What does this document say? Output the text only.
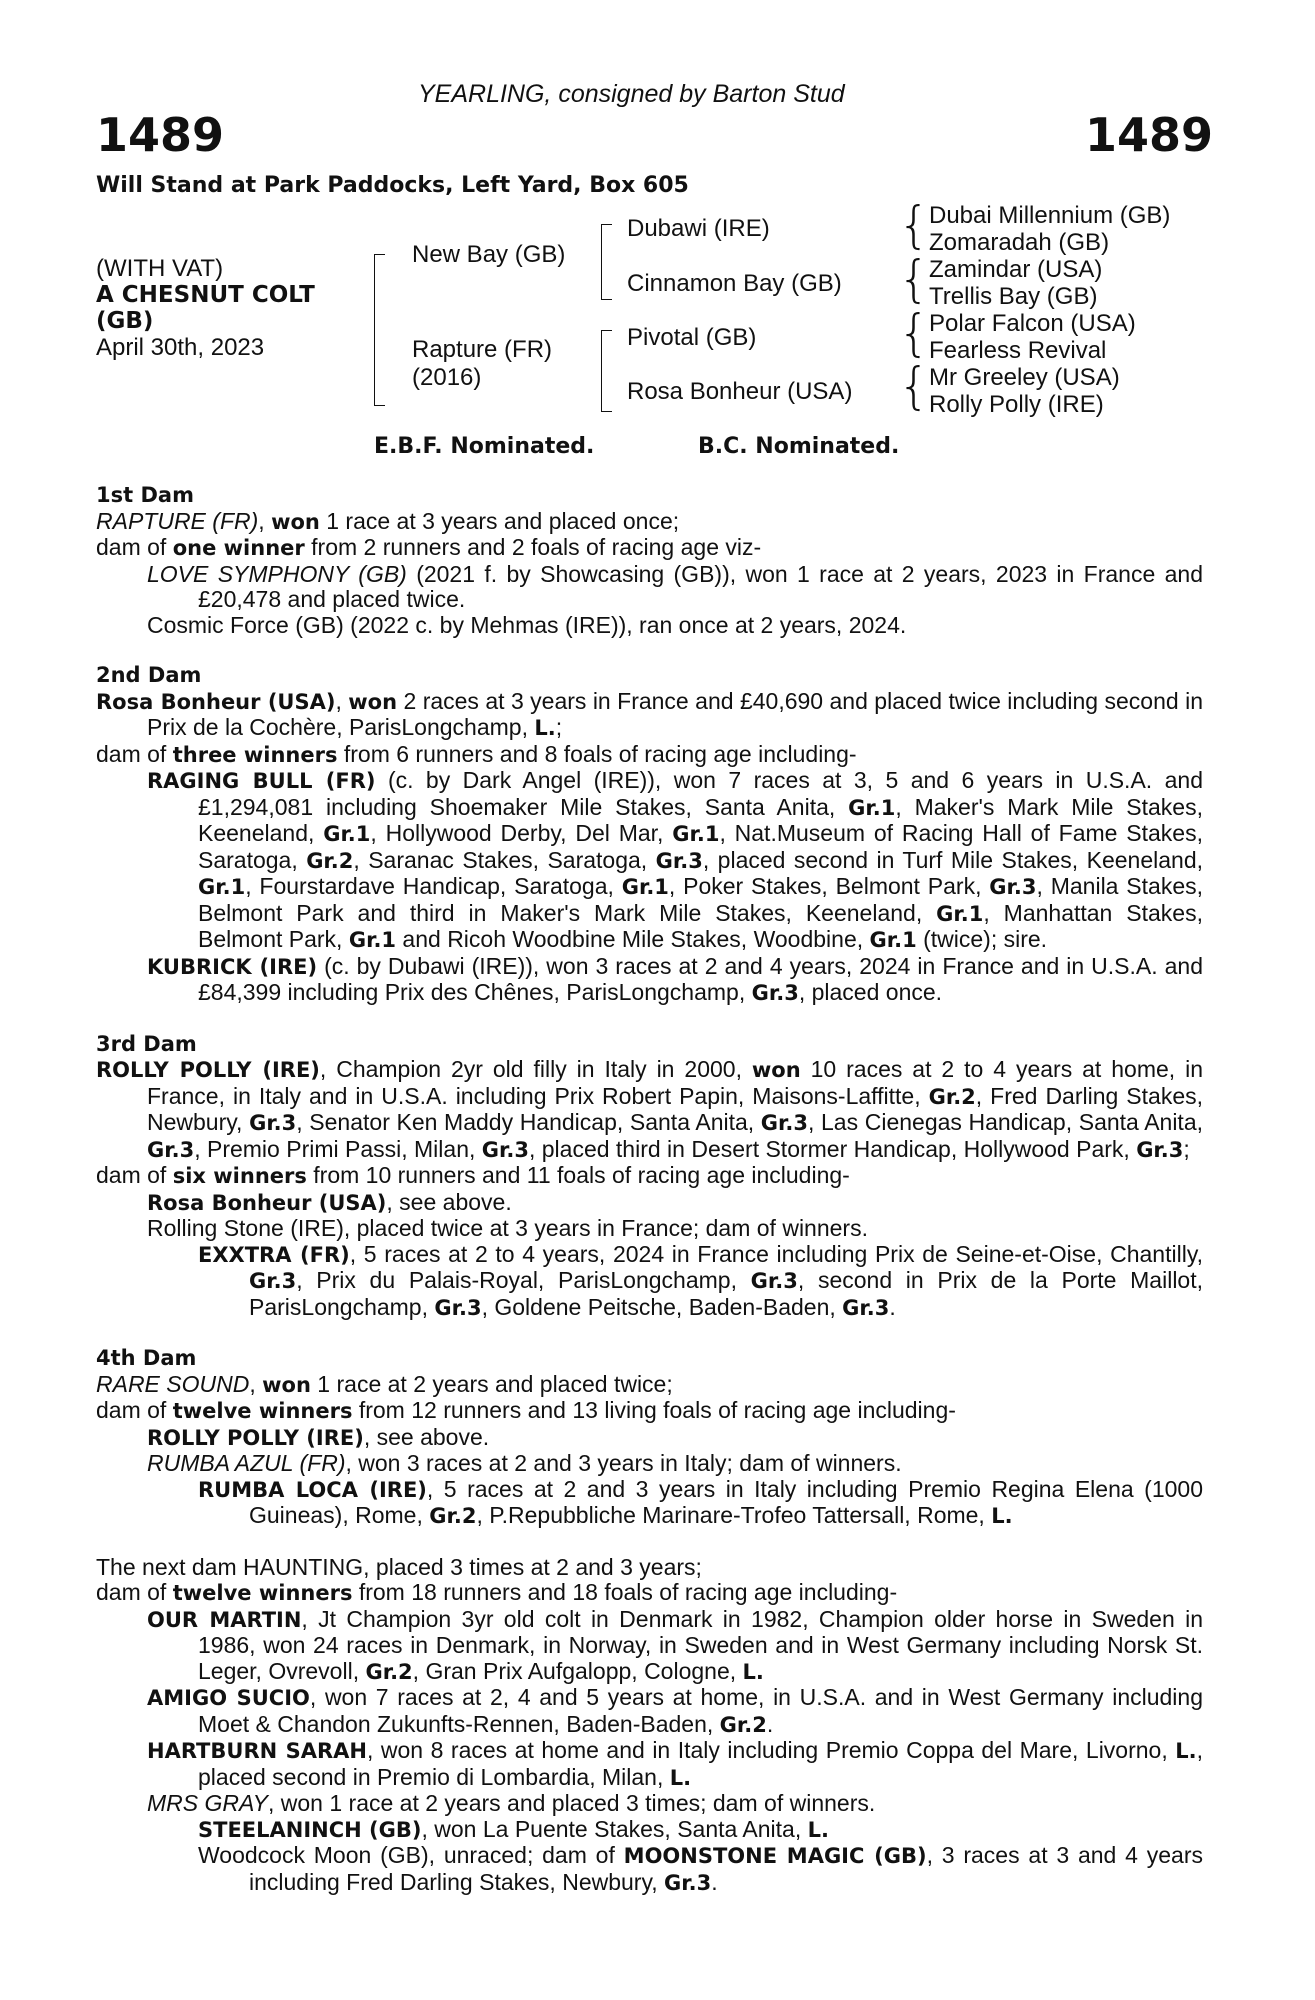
YEARLING, consigned by Barton Stud
1489	1489
Will Stand at Park Paddocks, Left Yard, Box 605
(WITH VAT)
A CHESNUT COLT
(GB)
April 30th, 2023
{
{
{
{
New Bay (GB)
Rapture (FR)
(2016)
Dubawi (IRE)
Cinnamon Bay (GB)
Pivotal (GB)
Rosa Bonheur (USA)
Dubai Millennium (GB)
Zomaradah (GB)
Zamindar (USA)
Trellis Bay (GB)
Polar Falcon (USA)
Fearless Revival
Mr Greeley (USA)
Rolly Polly (IRE)
E.B.F. Nominated.	B.C. Nominated.
1st Dam
RAPTURE (FR), won 1 race at 3 years and placed once;
dam of one winner from 2 runners and 2 foals of racing age viz-
LOVE SYMPHONY (GB) (2021 f. by Showcasing (GB)), won 1 race at 2 years, 2023 in France and £20,478 and placed twice.
Cosmic Force (GB) (2022 c. by Mehmas (IRE)), ran once at 2 years, 2024.
2nd Dam
Rosa Bonheur (USA), won 2 races at 3 years in France and £40,690 and placed twice including second in Prix de la Cochère, ParisLongchamp, L.;
dam of three winners from 6 runners and 8 foals of racing age including-
RAGING BULL (FR) (c. by Dark Angel (IRE)), won 7 races at 3, 5 and 6 years in U.S.A. and £1,294,081 including Shoemaker Mile Stakes, Santa Anita, Gr.1, Maker's Mark Mile Stakes, Keeneland, Gr.1, Hollywood Derby, Del Mar, Gr.1, Nat.Museum of Racing Hall of Fame Stakes, Saratoga, Gr.2, Saranac Stakes, Saratoga, Gr.3, placed second in Turf Mile Stakes, Keeneland, Gr.1, Fourstardave Handicap, Saratoga, Gr.1, Poker Stakes, Belmont Park, Gr.3, Manila Stakes, Belmont Park and third in Maker's Mark Mile Stakes, Keeneland, Gr.1, Manhattan Stakes, Belmont Park, Gr.1 and Ricoh Woodbine Mile Stakes, Woodbine, Gr.1 (twice); sire.
KUBRICK (IRE) (c. by Dubawi (IRE)), won 3 races at 2 and 4 years, 2024 in France and in U.S.A. and £84,399 including Prix des Chênes, ParisLongchamp, Gr.3, placed once.
3rd Dam
ROLLY POLLY (IRE), Champion 2yr old filly in Italy in 2000, won 10 races at 2 to 4 years at home, in France, in Italy and in U.S.A. including Prix Robert Papin, Maisons-Laffitte, Gr.2, Fred Darling Stakes, Newbury, Gr.3, Senator Ken Maddy Handicap, Santa Anita, Gr.3, Las Cienegas Handicap, Santa Anita, Gr.3, Premio Primi Passi, Milan, Gr.3, placed third in Desert Stormer Handicap, Hollywood Park, Gr.3;
dam of six winners from 10 runners and 11 foals of racing age including-
Rosa Bonheur (USA), see above.
Rolling Stone (IRE), placed twice at 3 years in France; dam of winners.
EXXTRA (FR), 5 races at 2 to 4 years, 2024 in France including Prix de Seine-et-Oise, Chantilly, Gr.3, Prix du Palais-Royal, ParisLongchamp, Gr.3, second in Prix de la Porte Maillot, ParisLongchamp, Gr.3, Goldene Peitsche, Baden-Baden, Gr.3.
4th Dam
RARE SOUND, won 1 race at 2 years and placed twice;
dam of twelve winners from 12 runners and 13 living foals of racing age including-
ROLLY POLLY (IRE), see above.
RUMBA AZUL (FR), won 3 races at 2 and 3 years in Italy; dam of winners.
RUMBA LOCA (IRE), 5 races at 2 and 3 years in Italy including Premio Regina Elena (1000 Guineas), Rome, Gr.2, P.Repubbliche Marinare-Trofeo Tattersall, Rome, L.
The next dam HAUNTING, placed 3 times at 2 and 3 years;
dam of twelve winners from 18 runners and 18 foals of racing age including-
OUR MARTIN, Jt Champion 3yr old colt in Denmark in 1982, Champion older horse in Sweden in 1986, won 24 races in Denmark, in Norway, in Sweden and in West Germany including Norsk St. Leger, Ovrevoll, Gr.2, Gran Prix Aufgalopp, Cologne, L.
AMIGO SUCIO, won 7 races at 2, 4 and 5 years at home, in U.S.A. and in West Germany including Moet & Chandon Zukunfts-Rennen, Baden-Baden, Gr.2.
HARTBURN SARAH, won 8 races at home and in Italy including Premio Coppa del Mare, Livorno, L., placed second in Premio di Lombardia, Milan, L.
MRS GRAY, won 1 race at 2 years and placed 3 times; dam of winners.
STEELANINCH (GB), won La Puente Stakes, Santa Anita, L.
Woodcock Moon (GB), unraced; dam of MOONSTONE MAGIC (GB), 3 races at 3 and 4 years including Fred Darling Stakes, Newbury, Gr.3.
